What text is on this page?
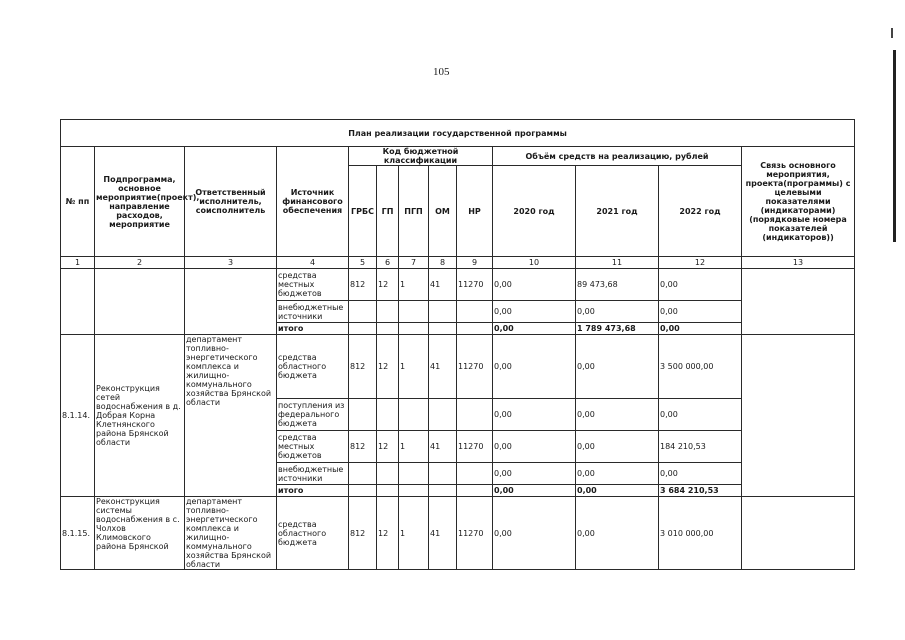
105
План реализации государственной программы												
№ пп	Подпрограмма, основное мероприятие(проект), направление расходов, мероприятие	Ответственный исполнитель, соисполнитель	Источник финансового обеспечения	Код бюджетной классификации					Объём средств на реализацию, рублей			Связь основного мероприятия, проекта(программы) с целевыми показателями (индикаторами) (порядковые номера показателей (индикаторов))
				ГРБС	ГП	ПГП	ОМ	НР	2020 год	2021 год	2022 год	
1	2	3	4	5	6	7	8	9	10	11	12	13
			средства местных бюджетов	812	12	1	41	11270	0,00	89 473,68	0,00	
			внебюджетные источники						0,00	0,00	0,00	
			итого						0,00	1 789 473,68	0,00	
8.1.14.	Реконструкция сетей водоснабжения в д. Добрая Корна Клетнянского района Брянской области	департамент топливно-энергетического комплекса и жилищно-коммунального хозяйства Брянской области	средства областного бюджета	812	12	1	41	11270	0,00	0,00	3 500 000,00	
			поступления из федерального бюджета						0,00	0,00	0,00	
			средства местных бюджетов	812	12	1	41	11270	0,00	0,00	184 210,53	
			внебюджетные источники						0,00	0,00	0,00	
			итого						0,00	0,00	3 684 210,53	
8.1.15.	Реконструкция системы водоснабжения в с. Чолхов Климовского района Брянской	департамент топливно-энергетического комплекса и жилищно-коммунального хозяйства Брянской области	средства областного бюджета	812	12	1	41	11270	0,00	0,00	3 010 000,00	
